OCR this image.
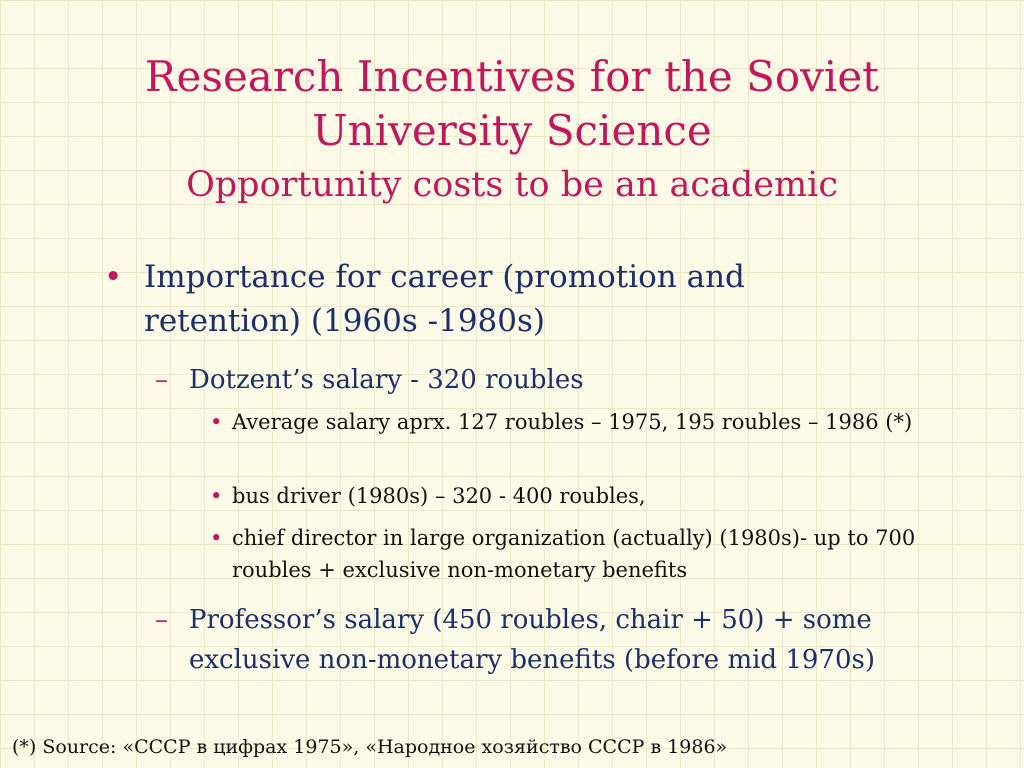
Research Incentives for the Soviet
University Science
Opportunity costs to be an academic
• Importance for career (promotion and retention) (1960s -1980s)
– Dotzent’s salary - 320 roubles
• Average salary aprx. 127 roubles – 1975, 195 roubles – 1986 (*)
• bus driver (1980s) – 320 - 400 roubles,
• chief director in large organization (actually) (1980s)- up to 700 roubles + exclusive non-monetary benefits
– Professor’s salary (450 roubles, chair + 50) + some exclusive non-monetary benefits (before mid 1970s)
(*) Source: «СССР в цифрах 1975», «Народное хозяйство СССР в 1986»
